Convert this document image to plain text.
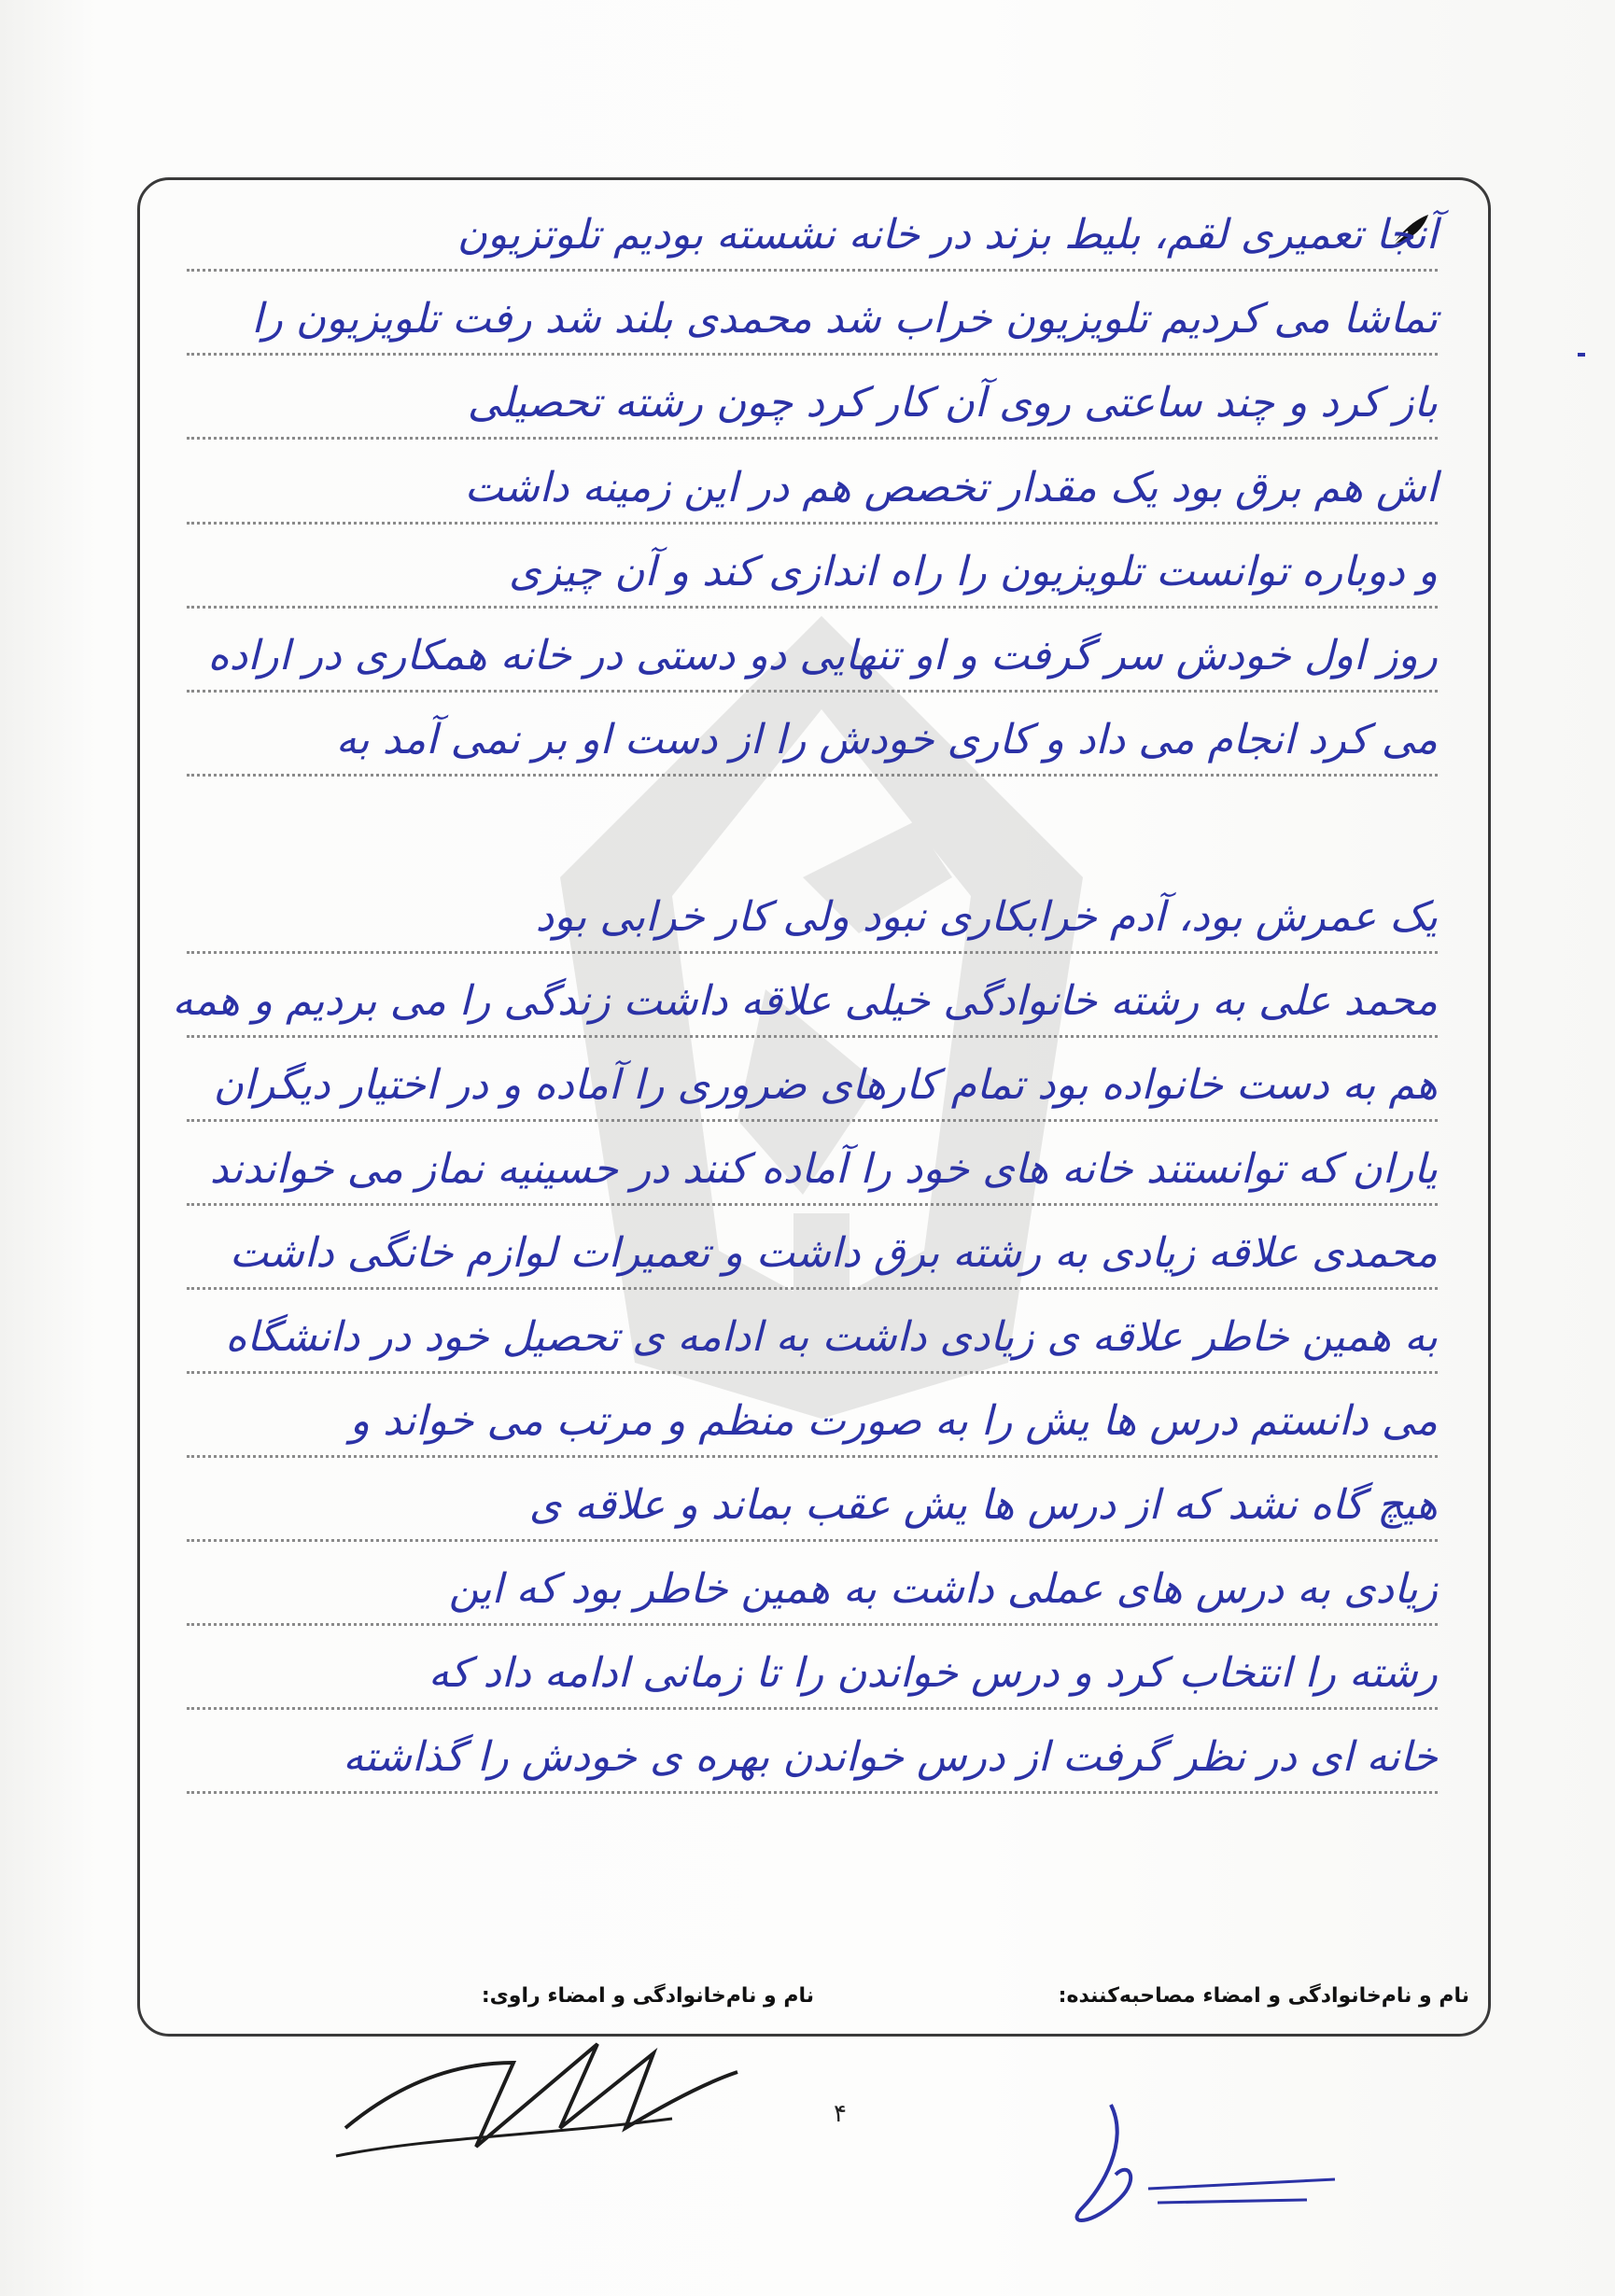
آنجا تعمیری لقم، بلیط بزند در خانه نشسته بودیم تلوتزیون
تماشا می کردیم تلویزیون خراب شد محمدی بلند شد رفت تلویزیون را
باز کرد و چند ساعتی روی آن کار کرد چون رشته تحصیلی
اش هم برق بود یک مقدار تخصص هم در این زمینه داشت
و دوباره توانست تلویزیون را راه اندازی کند و آن چیزی
روز اول خودش سر گرفت و او تنهایی دو دستی در خانه همکاری در اراده
می کرد انجام می داد و کاری خودش را از دست او بر نمی آمد به
یک عمرش بود، آدم خرابکاری نبود ولی کار خرابی بود
محمد علی به رشته خانوادگی خیلی علاقه داشت زندگی را می بردیم و همه
هم به دست خانواده بود تمام کارهای ضروری را آماده و در اختیار دیگران
یاران که توانستند خانه های خود را آماده کنند در حسینیه نماز می خواندند
محمدی علاقه زیادی به رشته برق داشت و تعمیرات لوازم خانگی داشت
به همین خاطر علاقه ی زیادی داشت به ادامه ی تحصیل خود در دانشگاه
می دانستم درس ها یش را به صورت منظم و مرتب می خواند و
هیچ گاه نشد که از درس ها یش عقب بماند و علاقه ی
زیادی به درس های عملی داشت به همین خاطر بود که این
رشته را انتخاب کرد و درس خواندن را تا زمانی ادامه داد که
خانه ای در نظر گرفت از درس خواندن بهره ی خودش را گذاشته
نام و نام‌خانوادگی و امضاء مصاحبه‌کننده:
نام و نام‌خانوادگی و امضاء راوی:
۴
